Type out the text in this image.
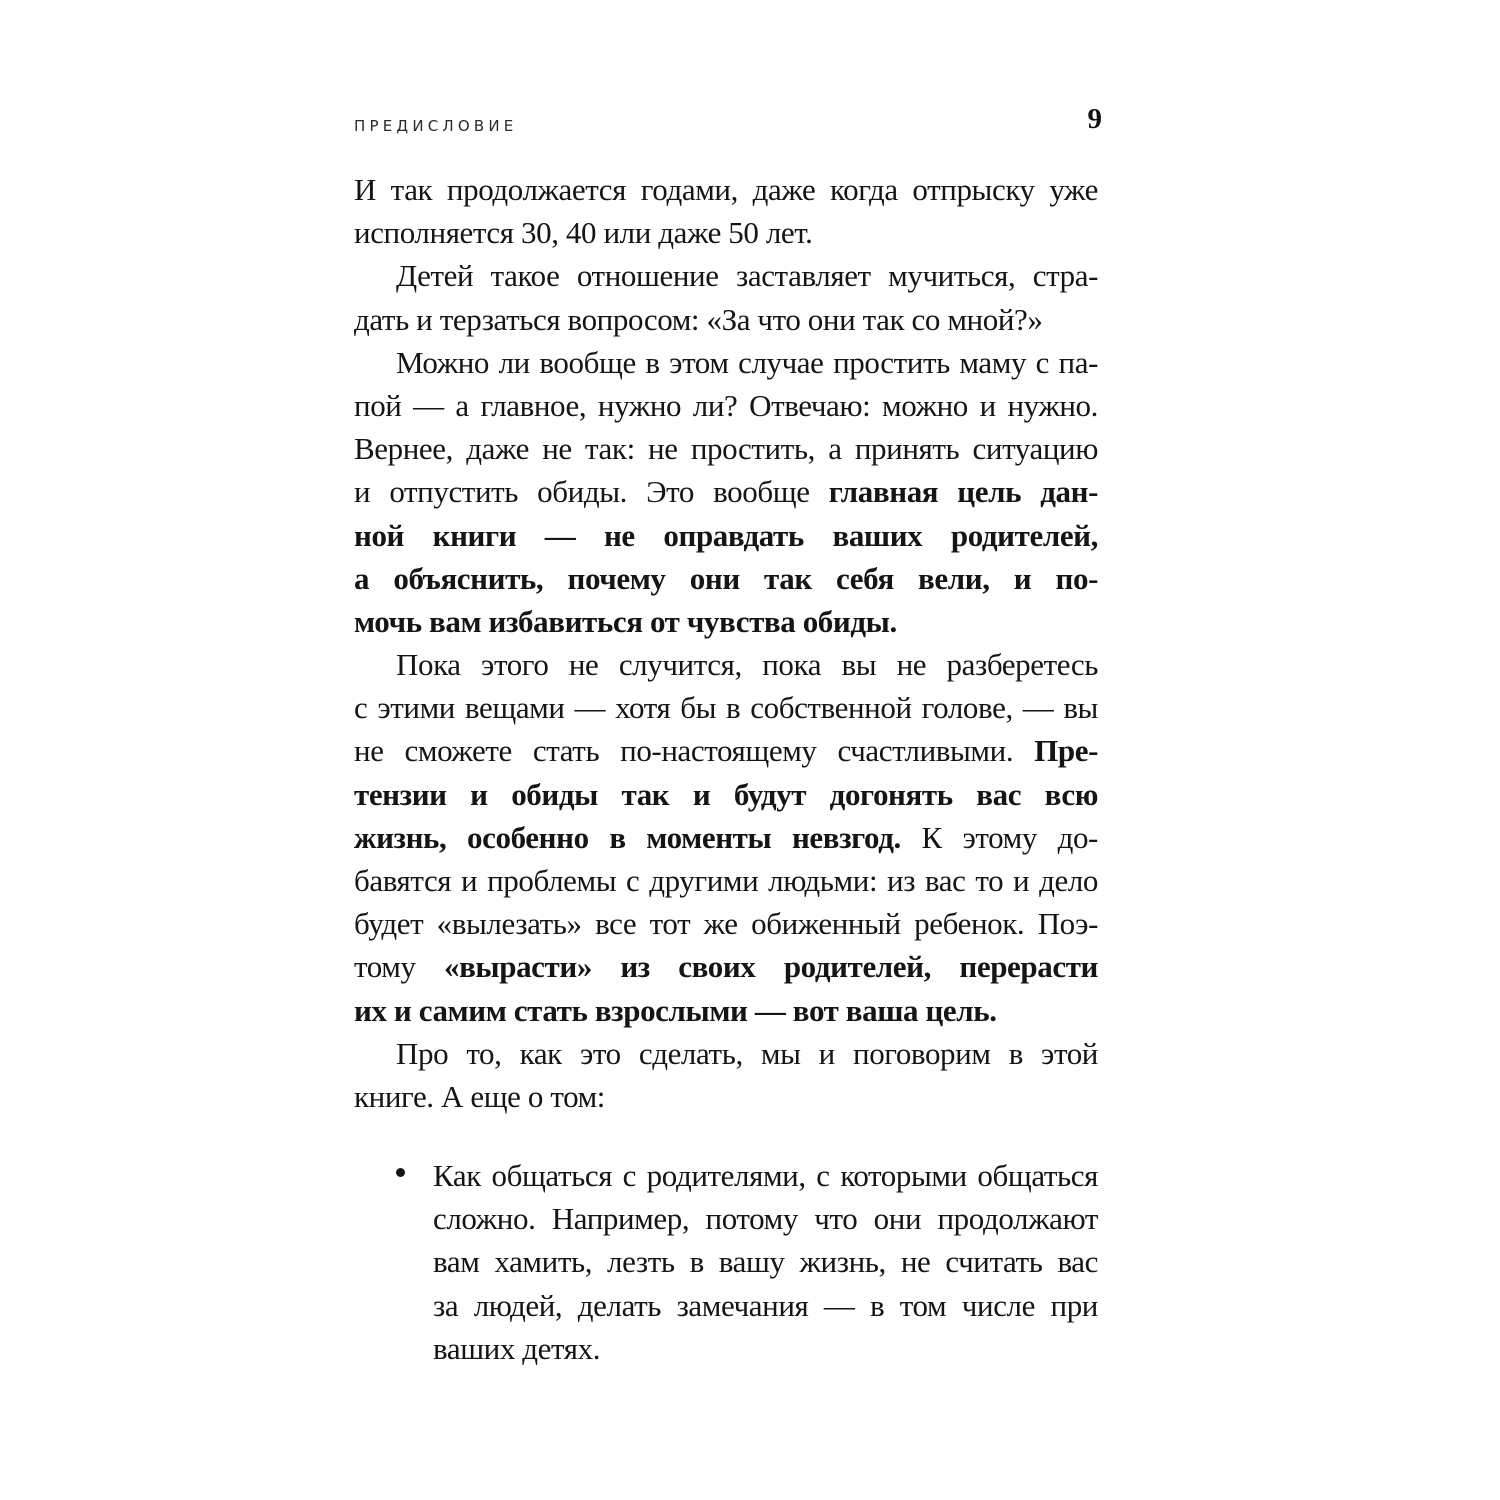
ПРЕДИСЛОВИЕ	9
И так продолжается годами, даже когда отпрыску уже
исполняется 30, 40 или даже 50 лет.
Детей такое отношение заставляет мучиться, стра-
дать и терзаться вопросом: «За что они так со мной?»
Можно ли вообще в этом случае простить маму с па-
пой — а главное, нужно ли? Отвечаю: можно и нужно.
Вернее, даже не так: не простить, а принять ситуацию
и отпустить обиды. Это вообще главная цель дан-
ной книги — не оправдать ваших родителей,
а объяснить, почему они так себя вели, и по-
мочь вам избавиться от чувства обиды.
Пока этого не случится, пока вы не разберетесь
с этими вещами — хотя бы в собственной голове, — вы
не сможете стать по-настоящему счастливыми. Пре-
тензии и обиды так и будут догонять вас всю
жизнь, особенно в моменты невзгод. К этому до-
бавятся и проблемы с другими людьми: из вас то и дело
будет «вылезать» все тот же обиженный ребенок. Поэ-
тому «вырасти» из своих родителей, перерасти
их и самим стать взрослыми — вот ваша цель.
Про то, как это сделать, мы и поговорим в этой
книге. А еще о том:
Как общаться с родителями, с которыми общаться
сложно. Например, потому что они продолжают
вам хамить, лезть в вашу жизнь, не считать вас
за людей, делать замечания — в том числе при
ваших детях.
